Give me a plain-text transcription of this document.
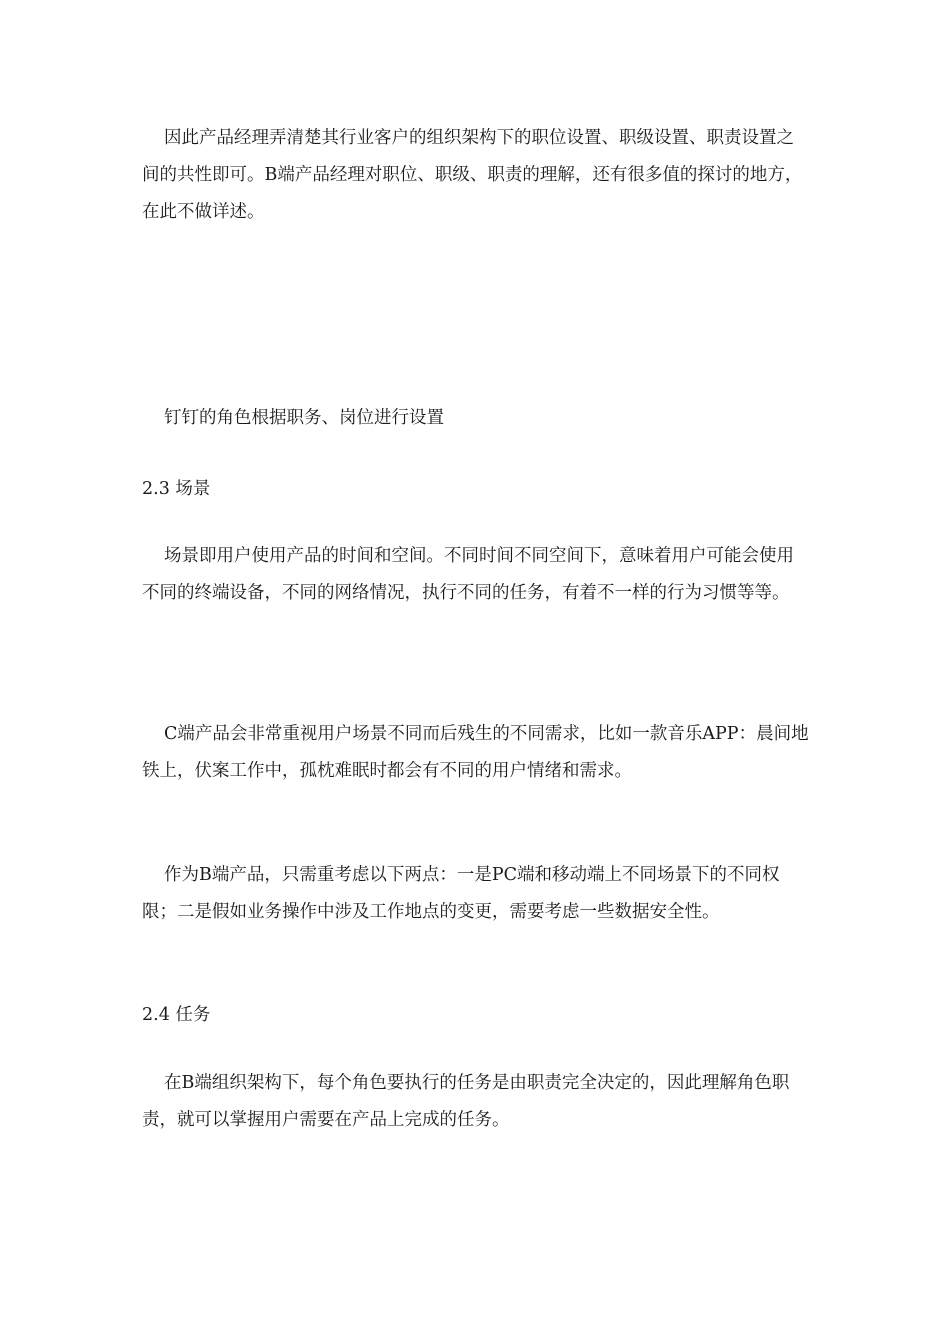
因此产品经理弄清楚其行业客户的组织架构下的职位设置、职级设置、职责设置之间的共性即可。B端产品经理对职位、职级、职责的理解，还有很多值的探讨的地方，在此不做详述。

钉钉的角色根据职务、岗位进行设置

2.3 场景

场景即用户使用产品的时间和空间。不同时间不同空间下，意味着用户可能会使用不同的终端设备，不同的网络情况，执行不同的任务，有着不一样的行为习惯等等。

C端产品会非常重视用户场景不同而后残生的不同需求，比如一款音乐APP：晨间地铁上，伏案工作中，孤枕难眠时都会有不同的用户情绪和需求。

作为B端产品，只需重考虑以下两点：一是PC端和移动端上不同场景下的不同权限；二是假如业务操作中涉及工作地点的变更，需要考虑一些数据安全性。

2.4 任务

在B端组织架构下，每个角色要执行的任务是由职责完全决定的，因此理解角色职责，就可以掌握用户需要在产品上完成的任务。
